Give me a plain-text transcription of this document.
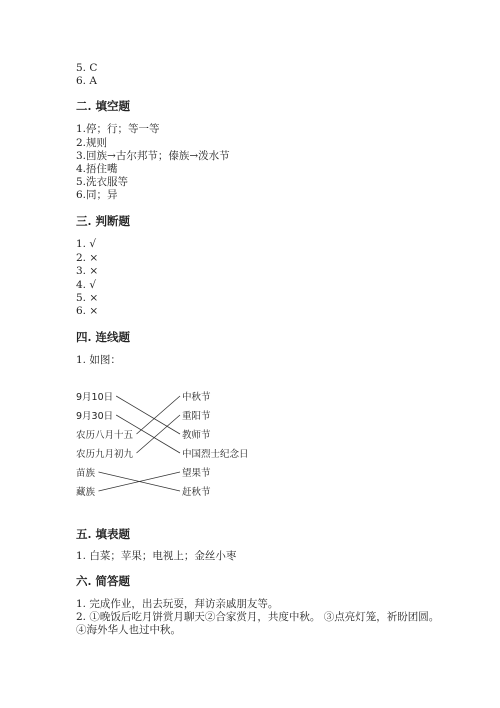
5. C
6. A
二. 填空题
1.停；行；等一等
2.规则
3.回族→古尔邦节；傣族→泼水节
4.捂住嘴
5.洗衣服等
6.同；异
三. 判断题
1. √
2. ×
3. ×
4. √
5. ×
6. ×
四. 连线题
1. 如图：
9月10日
9月30日
农历八月十五
农历九月初九
苗族
藏族
中秋节
重阳节
教师节
中国烈士纪念日
望果节
赶秋节
五. 填表题
1. 白菜；苹果；电视上；金丝小枣
六. 简答题
1. 完成作业，出去玩耍，拜访亲戚朋友等。
2. ①晚饭后吃月饼赏月聊天②合家赏月，共度中秋。 ③点亮灯笼，祈盼团圆。
④海外华人也过中秋。
